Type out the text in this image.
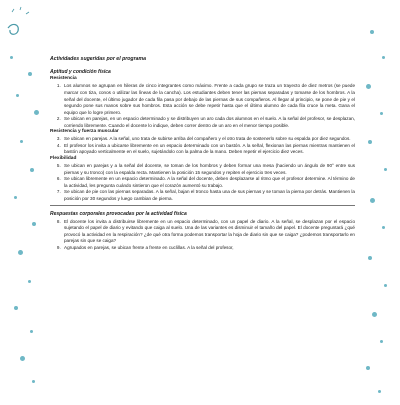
Actividades sugeridas por el programa
Aptitud y condición física
Resistencia
1. Los alumnos se agrupan en hileras de cinco integrantes como máximo. Frente a cada grupo se traza un trayecto de diez metros (se puede marcar con tiza, conos o utilizar las líneas de la cancha). Los estudiantes deben tener las piernas separadas y tomarse de los hombros. A la señal del docente, el último jugador de cada fila pasa por debajo de las piernas de sus compañeros. Al llegar al principio, se pone de pie y el segundo pone sus manos sobre sus hombros. Esta acción se debe repetir hasta que el último alumno de cada fila cruce la meta. Gana el equipo que lo logre primero.
2. Se ubican en parejas, en un espacio determinado y se distribuyen un aro cada dos alumnos en el suelo. A la señal del profesor, se desplazan, corriendo libremente. Cuando el docente lo indique, deben correr dentro de un aro en el menor tiempo posible.
Resistencia y fuerza muscular
3. Se ubican en parejas. A la señal, uno trata de subirse arriba del compañero y el otro trata de sostenerlo sobre su espalda por diez segundos.
4. El profesor los invita a ubicarse libremente en un espacio determinado con un bastón. A la señal, flexionan las piernas mientras mantienen el bastón apoyado verticalmente en el suelo, sujetándolo con la palma de la mano. Deben repetir el ejercicio diez veces.
Flexibilidad
5. Se ubican en parejas y a la señal del docente, se toman de los hombros y deben formar una mesa (haciendo un ángulo de 90° entre sus piernas y su tronco) con la espalda recta. Mantienen la posición 15 segundos y repiten el ejercicio tres veces.
6. Se ubican libremente en un espacio determinado. A la señal del docente, deben desplazarse al ritmo que el profesor determine. Al término de la actividad, les pregunta cuándo sintieron que el corazón aumentó su trabajo.
7. Se ubican de pie con las piernas separadas. A la señal, bajan el tronco hasta una de sus piernas y se toman la pierna por detrás. Mantienen la posición por 30 segundos y luego cambian de pierna.
Respuestas corporales provocadas por la actividad física
8. El docente los invita a distribuirse libremente en un espacio determinado, con un papel de diario. A la señal, se desplazan por el espacio sujetando el papel de diario y evitando que caiga al suelo. Una de las variantes es disminuir el tamaño del papel. El docente preguntará ¿qué provocó la actividad en la respiración? ¿de qué otra forma podemos transportar la hoja de diario sin que se caiga? ¿podemos transportarlo en parejas sin que se caiga?
9. Agrupados en parejas, se ubican frente a frente en cuclillas. A la señal del profesor,
